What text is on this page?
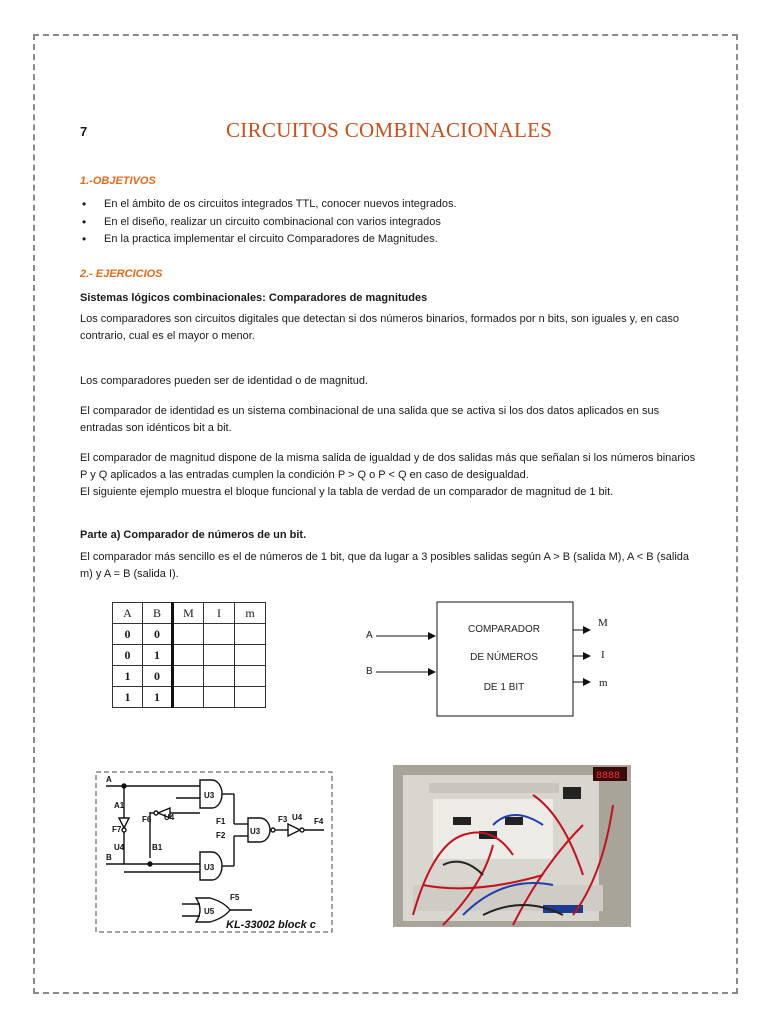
7	CIRCUITOS COMBINACIONALES
1.-OBJETIVOS
• En el ámbito de os circuitos integrados TTL, conocer nuevos integrados.
• En el diseño, realizar un circuito combinacional con varios integrados
• En la practica implementar el circuito Comparadores de Magnitudes.
2.- EJERCICIOS
Sistemas lógicos combinacionales: Comparadores de magnitudes
Los comparadores son circuitos digitales que detectan si dos números binarios, formados por n bits, son iguales y, en caso contrario, cual es el mayor o menor.
Los comparadores pueden ser de identidad o de magnitud.
El comparador de identidad es un sistema combinacional de una salida que se activa si los dos datos aplicados en sus entradas son idénticos bit a bit.
El comparador de magnitud dispone de la misma salida de igualdad y de dos salidas más que señalan si los números binarios P y Q aplicados a las entradas cumplen la condición P > Q o P < Q en caso de desigualdad.
El siguiente ejemplo muestra el bloque funcional y la tabla de verdad de un comparador de magnitud de 1 bit.
Parte a) Comparador de números de un bit.
El comparador más sencillo es el de números de 1 bit, que da lugar a 3 posibles salidas según A > B (salida M), A < B (salida m) y A = B (salida I).
A	B	M	I	m
0	0			
0	1			
1	0			
1	1			
A
B
COMPARADOR
DE NÚMEROS
DE 1 BIT
M
I
m
A
A1
F7
U4
F6 U4
B1
B
U3
F1
F2	U3
F3 U4 F4
U3
U5
F5
KL-33002 block c
8888
